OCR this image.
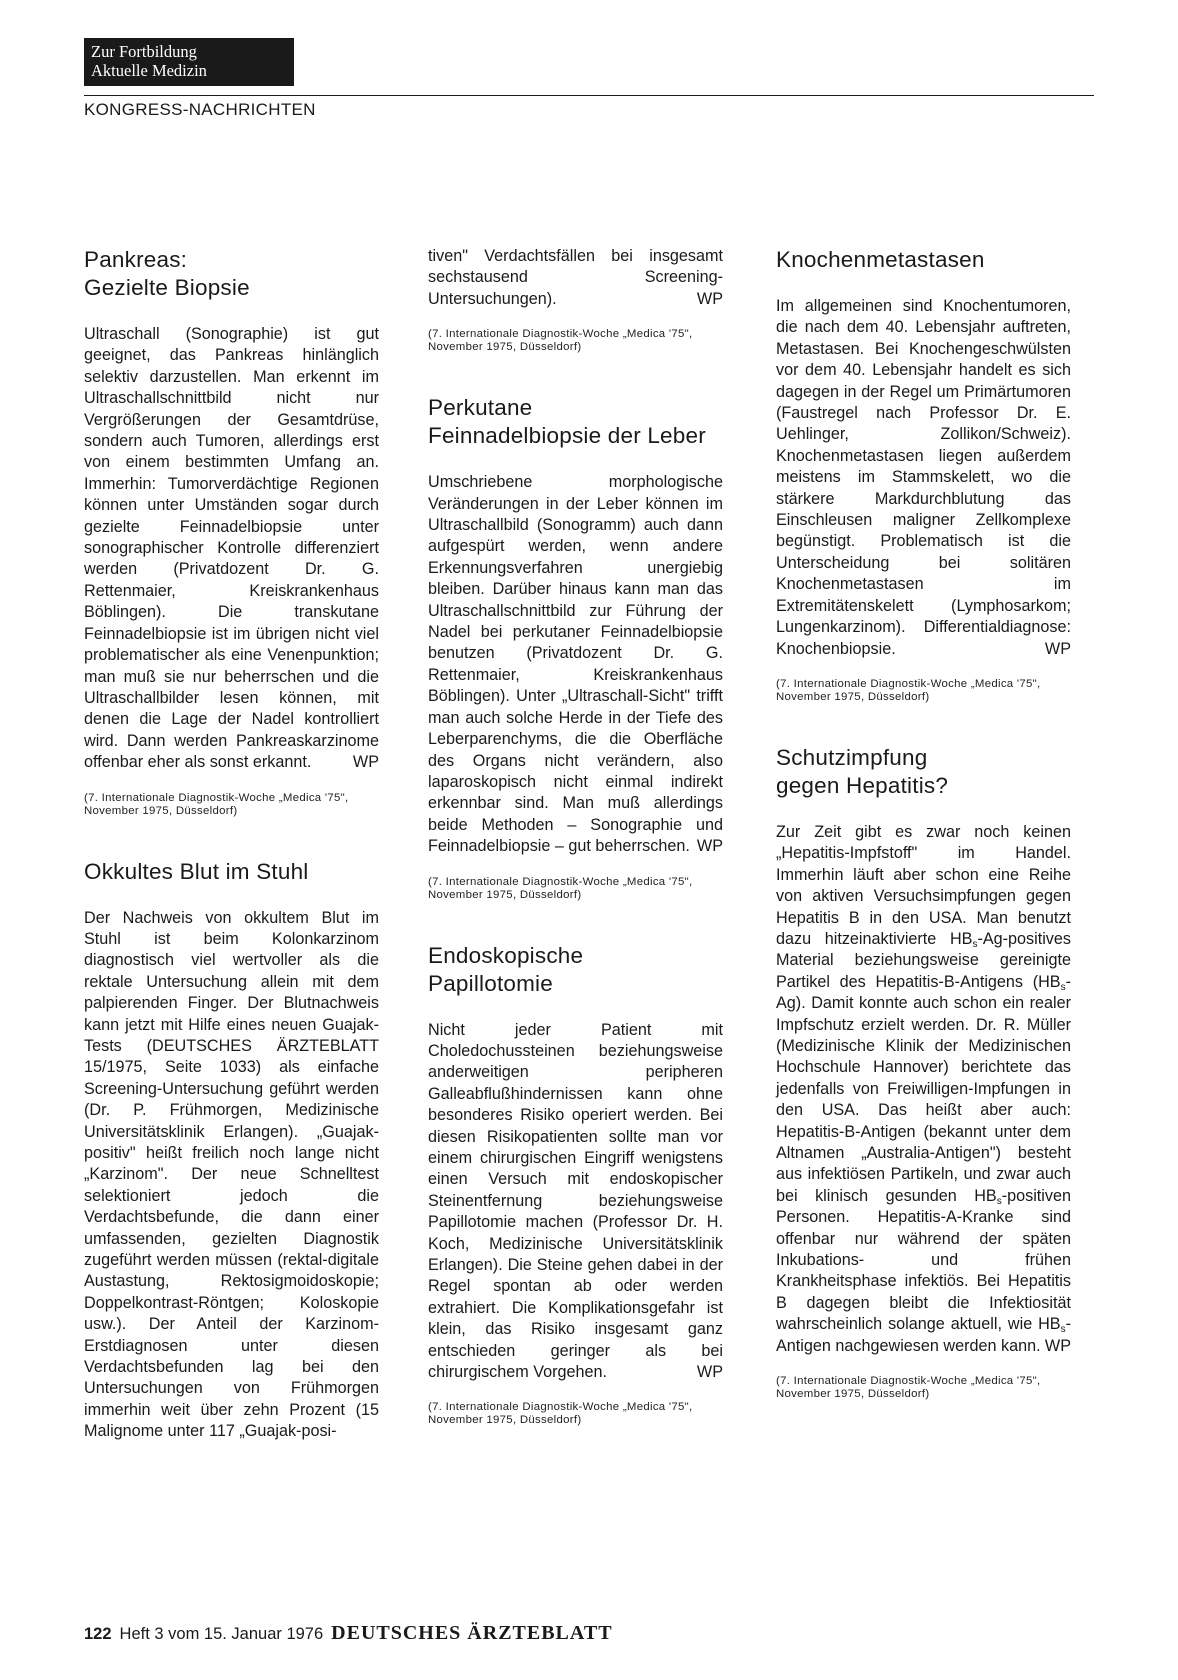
Zur Fortbildung
Aktuelle Medizin
KONGRESS-NACHRICHTEN
Pankreas:
Gezielte Biopsie

Ultraschall (Sonographie) ist gut geeignet, das Pankreas hinlänglich selektiv darzustellen. Man erkennt im Ultraschallschnittbild nicht nur Vergrößerungen der Gesamtdrüse, sondern auch Tumoren, allerdings erst von einem bestimmten Umfang an. Immerhin: Tumorverdächtige Regionen können unter Umständen sogar durch gezielte Feinnadelbiopsie unter sonographischer Kontrolle differenziert werden (Privatdozent Dr. G. Rettenmaier, Kreiskrankenhaus Böblingen). Die transkutane Feinnadelbiopsie ist im übrigen nicht viel problematischer als eine Venenpunktion; man muß sie nur beherrschen und die Ultraschallbilder lesen können, mit denen die Lage der Nadel kontrolliert wird. Dann werden Pankreaskarzinome offenbar eher als sonst erkannt.	WP

(7. Internationale Diagnostik-Woche „Medica '75", November 1975, Düsseldorf)

Okkultes Blut im Stuhl

Der Nachweis von okkultem Blut im Stuhl ist beim Kolonkarzinom diagnostisch viel wertvoller als die rektale Untersuchung allein mit dem palpierenden Finger. Der Blutnachweis kann jetzt mit Hilfe eines neuen Guajak-Tests (DEUTSCHES ÄRZTEBLATT 15/1975, Seite 1033) als einfache Screening-Untersuchung geführt werden (Dr. P. Frühmorgen, Medizinische Universitätsklinik Erlangen). „Guajak-positiv" heißt freilich noch lange nicht „Karzinom". Der neue Schnelltest selektioniert jedoch die Verdachtsbefunde, die dann einer umfassenden, gezielten Diagnostik zugeführt werden müssen (rektal-digitale Austastung, Rektosigmoidoskopie; Doppelkontrast-Röntgen; Koloskopie usw.). Der Anteil der Karzinom-Erstdiagnosen unter diesen Verdachtsbefunden lag bei den Untersuchungen von Frühmorgen immerhin weit über zehn Prozent (15 Malignome unter 117 „Guajak-posi-

tiven" Verdachtsfällen bei insgesamt sechstausend Screening-Untersuchungen).	WP

(7. Internationale Diagnostik-Woche „Medica '75", November 1975, Düsseldorf)

Perkutane
Feinnadelbiopsie der Leber

Umschriebene morphologische Veränderungen in der Leber können im Ultraschallbild (Sonogramm) auch dann aufgespürt werden, wenn andere Erkennungsverfahren unergiebig bleiben. Darüber hinaus kann man das Ultraschallschnittbild zur Führung der Nadel bei perkutaner Feinnadelbiopsie benutzen (Privatdozent Dr. G. Rettenmaier, Kreiskrankenhaus Böblingen). Unter „Ultraschall-Sicht" trifft man auch solche Herde in der Tiefe des Leberparenchyms, die die Oberfläche des Organs nicht verändern, also laparoskopisch nicht einmal indirekt erkennbar sind. Man muß allerdings beide Methoden – Sonographie und Feinnadelbiopsie – gut beherrschen. WP

(7. Internationale Diagnostik-Woche „Medica '75", November 1975, Düsseldorf)

Endoskopische
Papillotomie

Nicht jeder Patient mit Choledochussteinen beziehungsweise anderweitigen peripheren Galleabflußhindernissen kann ohne besonderes Risiko operiert werden. Bei diesen Risikopatienten sollte man vor einem chirurgischen Eingriff wenigstens einen Versuch mit endoskopischer Steinentfernung beziehungsweise Papillotomie machen (Professor Dr. H. Koch, Medizinische Universitätsklinik Erlangen). Die Steine gehen dabei in der Regel spontan ab oder werden extrahiert. Die Komplikationsgefahr ist klein, das Risiko insgesamt ganz entschieden geringer als bei chirurgischem Vorgehen.	WP

(7. Internationale Diagnostik-Woche „Medica '75", November 1975, Düsseldorf)

Knochenmetastasen

Im allgemeinen sind Knochentumoren, die nach dem 40. Lebensjahr auftreten, Metastasen. Bei Knochengeschwülsten vor dem 40. Lebensjahr handelt es sich dagegen in der Regel um Primärtumoren (Faustregel nach Professor Dr. E. Uehlinger, Zollikon/Schweiz). Knochenmetastasen liegen außerdem meistens im Stammskelett, wo die stärkere Markdurchblutung das Einschleusen maligner Zellkomplexe begünstigt. Problematisch ist die Unterscheidung bei solitären Knochenmetastasen im Extremitätenskelett (Lymphosarkom; Lungenkarzinom). Differentialdiagnose: Knochenbiopsie.	WP

(7. Internationale Diagnostik-Woche „Medica '75", November 1975, Düsseldorf)

Schutzimpfung
gegen Hepatitis?

Zur Zeit gibt es zwar noch keinen „Hepatitis-Impfstoff" im Handel. Immerhin läuft aber schon eine Reihe von aktiven Versuchsimpfungen gegen Hepatitis B in den USA. Man benutzt dazu hitzeinaktivierte $HB_s-Ag$-positives Material beziehungsweise gereinigte Partikel des Hepatitis-B-Antigens $(HB_s-Ag)$. Damit konnte auch schon ein realer Impfschutz erzielt werden. Dr. R. Müller (Medizinische Klinik der Medizinischen Hochschule Hannover) berichtete das jedenfalls von Freiwilligen-Impfungen in den USA. Das heißt aber auch: Hepatitis-B-Antigen (bekannt unter dem Altnamen „Australia-Antigen") besteht aus infektiösen Partikeln, und zwar auch bei klinisch gesunden $HB_s$-positiven Personen. Hepatitis-A-Kranke sind offenbar nur während der späten Inkubations- und frühen Krankheitsphase infektiös. Bei Hepatitis B dagegen bleibt die Infektiosität wahrscheinlich solange aktuell, wie $HB_s$-Antigen nachgewiesen werden kann. WP

(7. Internationale Diagnostik-Woche „Medica '75", November 1975, Düsseldorf)

122 Heft 3 vom 15. Januar 1976 DEUTSCHES ÄRZTEBLATT
